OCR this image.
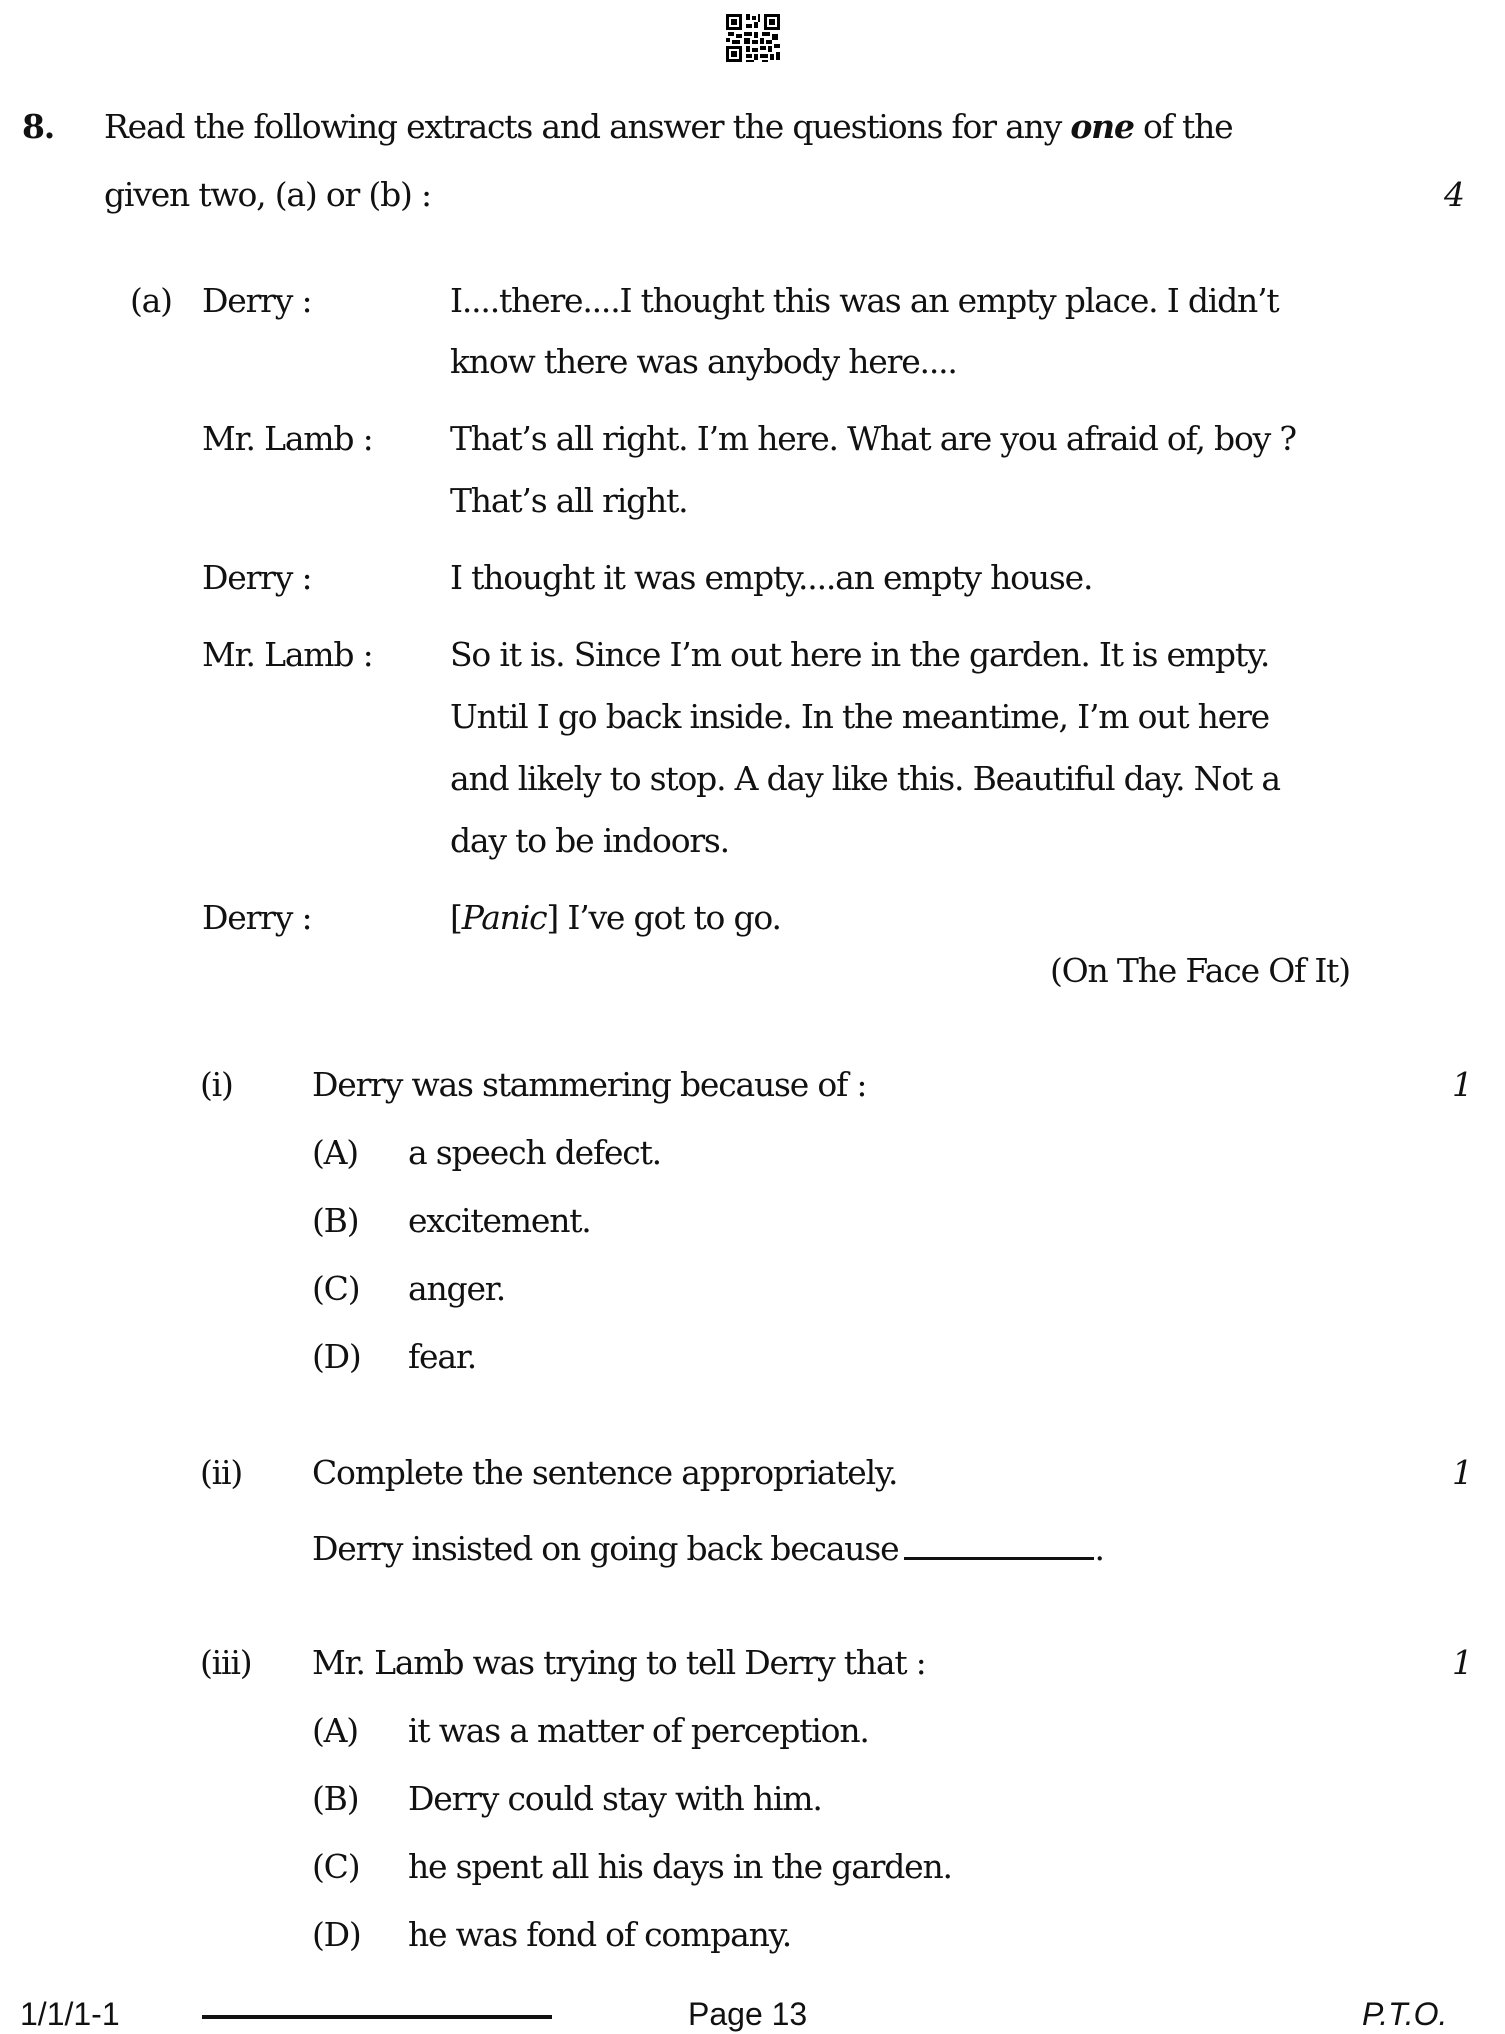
8. Read the following extracts and answer the questions for any one of the
given two, (a) or (b) :	4
(a) Derry :	I....there....I thought this was an empty place. I didn’t
know there was anybody here....
Mr. Lamb : That’s all right. I’m here. What are you afraid of, boy ?
That’s all right.
Derry :	I thought it was empty....an empty house.
Mr. Lamb : So it is. Since I’m out here in the garden. It is empty.
Until I go back inside. In the meantime, I’m out here
and likely to stop. A day like this. Beautiful day. Not a
day to be indoors.
Derry :	[Panic] I’ve got to go.
(On The Face Of It)
(i) Derry was stammering because of :	1
(A) a speech defect.
(B) excitement.
(C) anger.
(D) fear.
(ii) Complete the sentence appropriately.	1
Derry insisted on going back because	.
(iii) Mr. Lamb was trying to tell Derry that :	1
(A) it was a matter of perception.
(B) Derry could stay with him.
(C) he spent all his days in the garden.
(D) he was fond of company.
1/1/1-1	Page 13	P.T.O.
